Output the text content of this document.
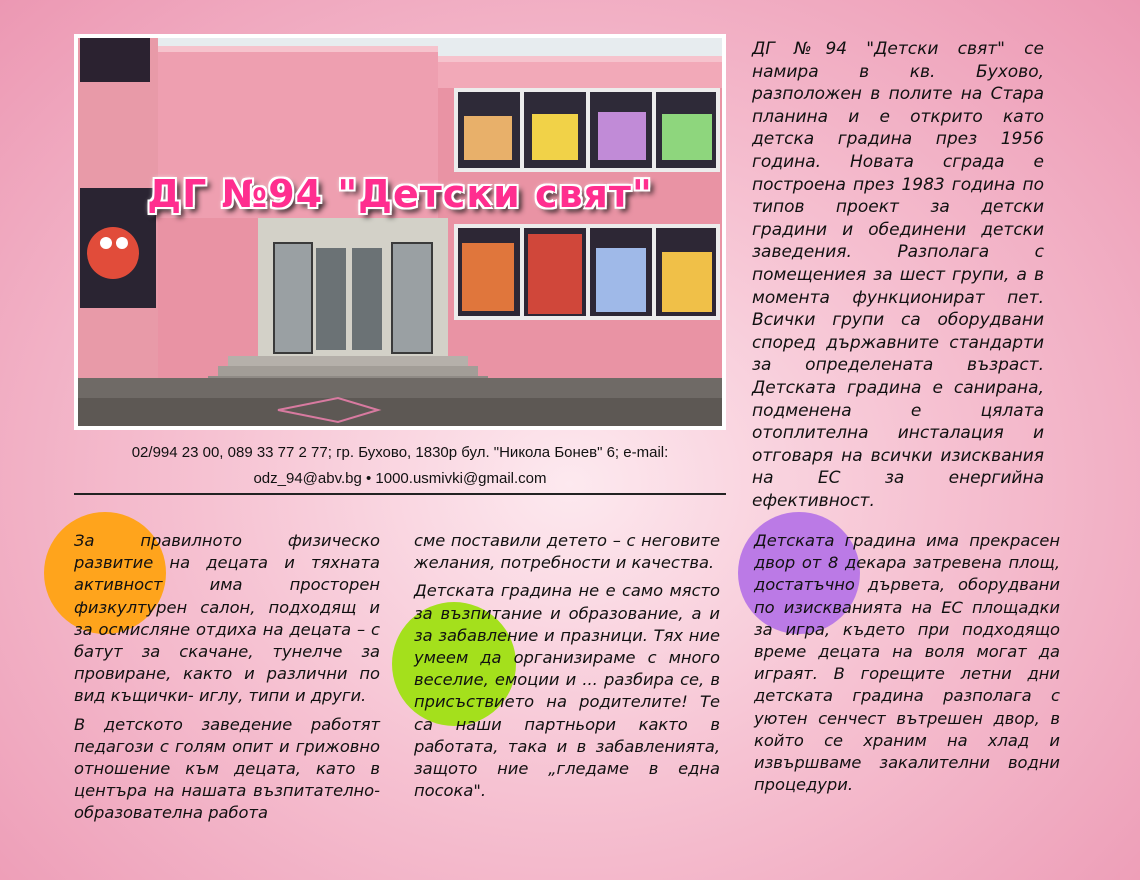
ДГ №94 "Детски свят"
02/994 23 00, 089 33 77 2 77; гр. Бухово, 1830р бул. "Никола Бонев" 6; e-mail:
odz_94@abv.bg • 1000.usmivki@gmail.com

ДГ №94 "Детски свят" се намира в кв. Бухово, разположен в полите на Стара планина и е открито като детска градина през 1956 година. Новата сграда е построена през 1983 година по типов проект за детски градини и обединени детски заведения. Разполага с помещениея за шест групи, а в момента функционират пет. Всички групи са оборудвани според държавните стандарти за определената възраст. Детската градина е санирана, подменена е цялата отоплителна инсталация и отговаря на всички изисквания на ЕС за енергийна ефективност.

За правилното физическо развитие на децата и тяхната активност има просторен физкултурен салон, подходящ и за осмисляне отдиха на децата – с батут за скачане, тунелче за провиране, както и различни по вид къщички- иглу, типи и други.

В детското заведение работят педагози с голям опит и грижовно отношение към децата, като в центъра на нашата възпитателно-образователна работа

сме поставили детето – с неговите желания, потребности и качества.

Детската градина не е само място за възпитание и образование, а и за забавление и празници. Тях ние умеем да организираме с много веселие, емоции и ... разбира се, в присъствието на родителите! Те са наши партньори както в работата, така и в забавленията, защото ние „гледаме в една посока".

Детската градина има прекрасен двор от 8 декара затревена площ, достатъчно дървета, оборудвани по изискванията на ЕС площадки за игра, където при подходящо време децата на воля могат да играят. В горещите летни дни детската градина разполага с уютен сенчест вътрешен двор, в който се храним на хлад и извършваме закалителни водни процедури.
